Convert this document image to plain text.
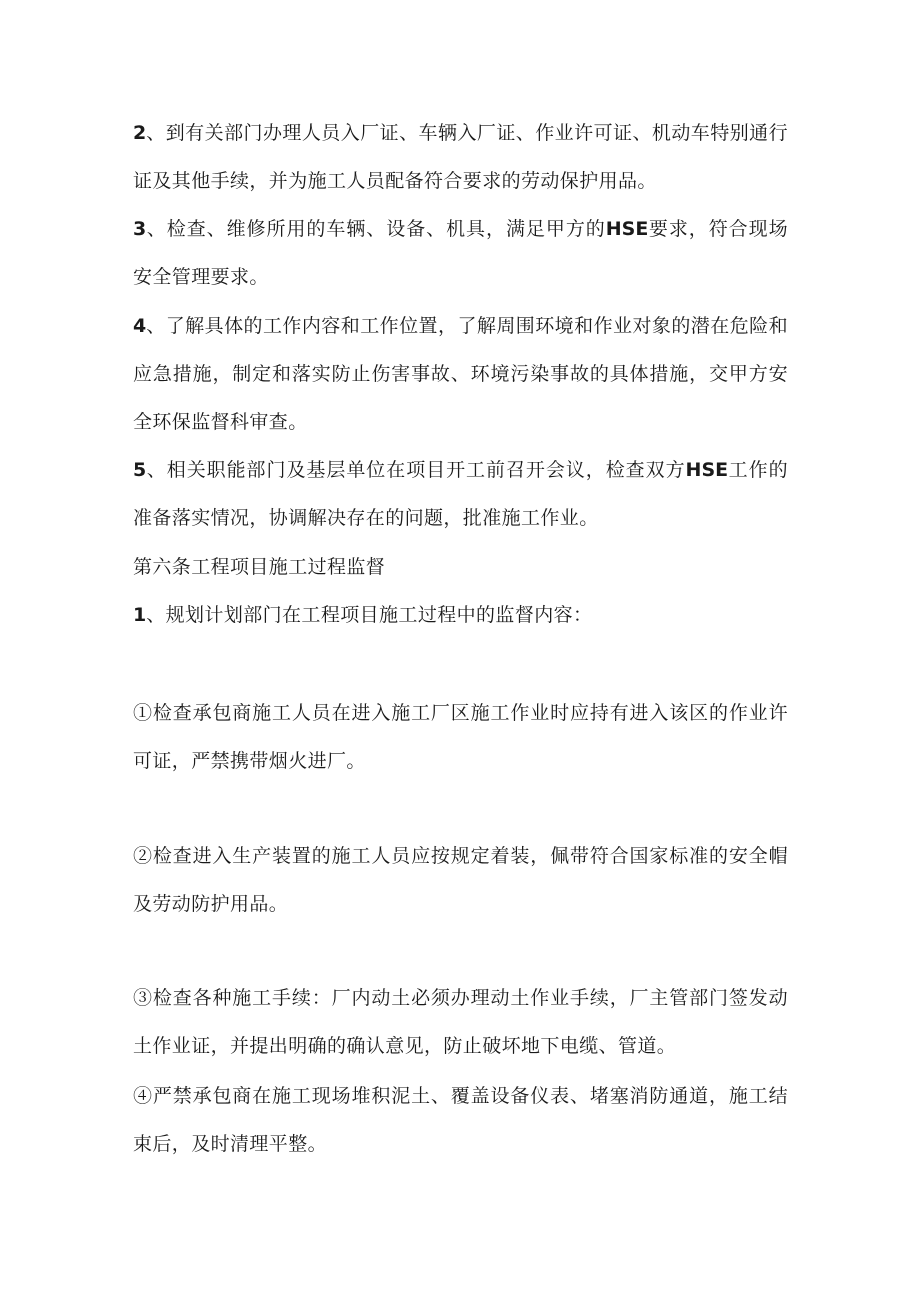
2、到有关部门办理人员入厂证、车辆入厂证、作业许可证、机动车特别通行证及其他手续，并为施工人员配备符合要求的劳动保护用品。

3、检查、维修所用的车辆、设备、机具，满足甲方的HSE要求，符合现场安全管理要求。

4、了解具体的工作内容和工作位置，了解周围环境和作业对象的潜在危险和应急措施，制定和落实防止伤害事故、环境污染事故的具体措施，交甲方安全环保监督科审查。

5、相关职能部门及基层单位在项目开工前召开会议，检查双方HSE工作的准备落实情况，协调解决存在的问题，批准施工作业。

第六条工程项目施工过程监督

1、规划计划部门在工程项目施工过程中的监督内容：

①检查承包商施工人员在进入施工厂区施工作业时应持有进入该区的作业许可证，严禁携带烟火进厂。

②检查进入生产装置的施工人员应按规定着装，佩带符合国家标准的安全帽及劳动防护用品。

③检查各种施工手续：厂内动土必须办理动土作业手续，厂主管部门签发动土作业证，并提出明确的确认意见，防止破坏地下电缆、管道。

④严禁承包商在施工现场堆积泥土、覆盖设备仪表、堵塞消防通道，施工结束后，及时清理平整。
